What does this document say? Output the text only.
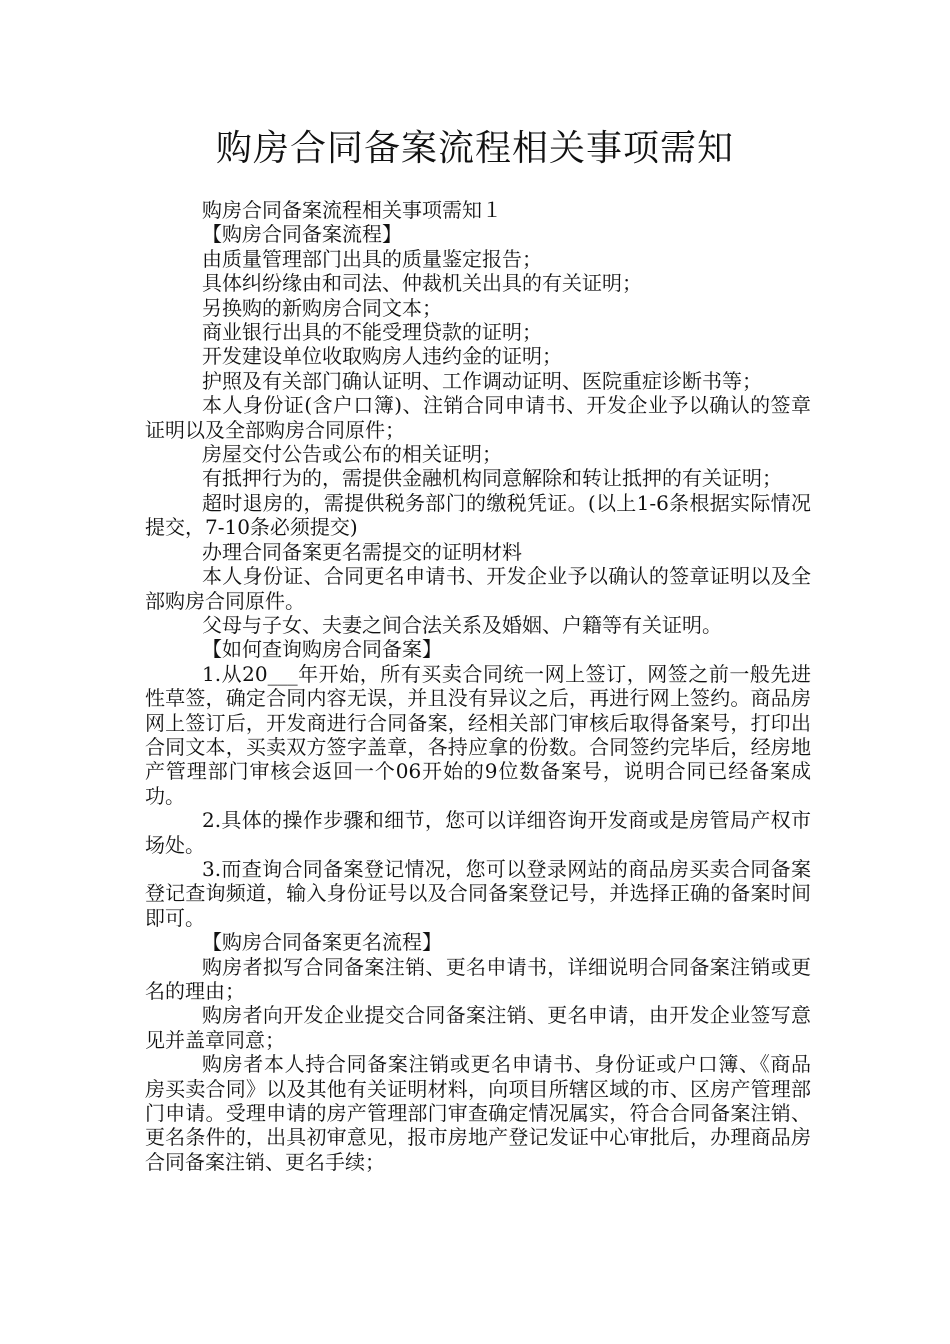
购房合同备案流程相关事项需知

购房合同备案流程相关事项需知１

【购房合同备案流程】

由质量管理部门出具的质量鉴定报告；

具体纠纷缘由和司法、仲裁机关出具的有关证明；

另换购的新购房合同文本；

商业银行出具的不能受理贷款的证明；

开发建设单位收取购房人违约金的证明；

护照及有关部门确认证明、工作调动证明、医院重症诊断书等；

本人身份证(含户口簿)、注销合同申请书、开发企业予以确认的签章证明以及全部购房合同原件；

房屋交付公告或公布的相关证明；

有抵押行为的，需提供金融机构同意解除和转让抵押的有关证明；

超时退房的，需提供税务部门的缴税凭证。(以上1-6条根据实际情况提交，7-10条必须提交)

办理合同备案更名需提交的证明材料

本人身份证、合同更名申请书、开发企业予以确认的签章证明以及全部购房合同原件。

父母与子女、夫妻之间合法关系及婚姻、户籍等有关证明。

【如何查询购房合同备案】

1.从20___年开始，所有买卖合同统一网上签订，网签之前一般先进性草签，确定合同内容无误，并且没有异议之后，再进行网上签约。商品房网上签订后，开发商进行合同备案，经相关部门审核后取得备案号，打印出合同文本，买卖双方签字盖章，各持应拿的份数。合同签约完毕后，经房地产管理部门审核会返回一个06开始的9位数备案号，说明合同已经备案成功。

2.具体的操作步骤和细节，您可以详细咨询开发商或是房管局产权市场处。

3.而查询合同备案登记情况，您可以登录网站的商品房买卖合同备案登记查询频道，输入身份证号以及合同备案登记号，并选择正确的备案时间即可。

【购房合同备案更名流程】

购房者拟写合同备案注销、更名申请书，详细说明合同备案注销或更名的理由；

购房者向开发企业提交合同备案注销、更名申请，由开发企业签写意见并盖章同意；

购房者本人持合同备案注销或更名申请书、身份证或户口簿、《商品房买卖合同》以及其他有关证明材料，向项目所辖区域的市、区房产管理部门申请。受理申请的房产管理部门审查确定情况属实，符合合同备案注销、更名条件的，出具初审意见，报市房地产登记发证中心审批后，办理商品房合同备案注销、更名手续；
